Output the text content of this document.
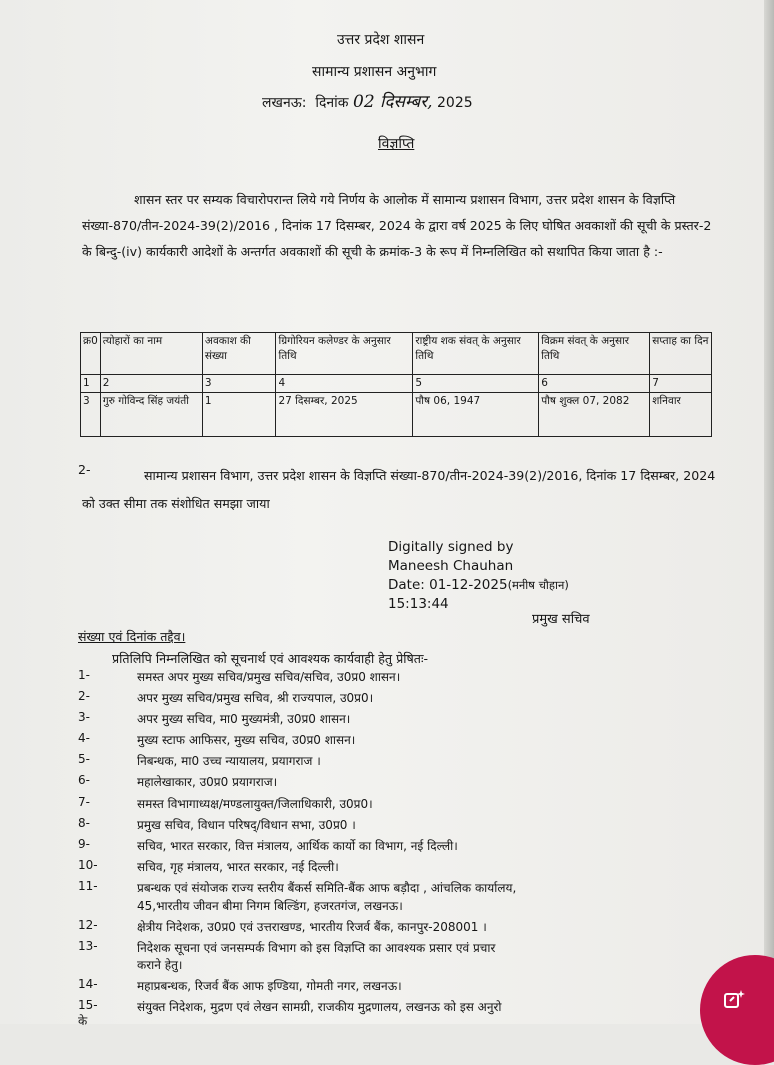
उत्तर प्रदेश शासन
सामान्य प्रशासन अनुभाग
लखनऊ: दिनांक 02 दिसम्बर, 2025
विज्ञप्ति
शासन स्तर पर सम्यक विचारोपरान्त लिये गये निर्णय के आलोक में सामान्य प्रशासन विभाग, उत्तर प्रदेश शासन के विज्ञप्ति संख्या-870/तीन-2024-39(2)/2016 , दिनांक 17 दिसम्बर, 2024 के द्वारा वर्ष 2025 के लिए घोषित अवकाशों की सूची के प्रस्तर-2 के बिन्दु-(iv) कार्यकारी आदेशों के अन्तर्गत अवकाशों की सूची के क्रमांक-3 के रूप में निम्नलिखित को सथापित किया जाता है :-
क्र0	त्योहारों का नाम	अवकाश की संख्या	ग्रिगोरियन कलेण्डर के अनुसार तिथि	राष्ट्रीय शक संवत् के अनुसार तिथि	विक्रम संवत् के अनुसार तिथि	सप्ताह का दिन
1	2	3	4	5	6	7
3	गुरु गोविन्द सिंह जयंती	1	27 दिसम्बर, 2025	पौष 06, 1947	पौष शुक्ल 07, 2082	शनिवार
2-	सामान्य प्रशासन विभाग, उत्तर प्रदेश शासन के विज्ञप्ति संख्या-870/तीन-2024-39(2)/2016, दिनांक 17 दिसम्बर, 2024 को उक्त सीमा तक संशोधित समझा जाया
Digitally signed by
Maneesh Chauhan
Date: 01-12-2025(मनीष चौहान)
15:13:44
प्रमुख सचिव
संख्या एवं दिनांक तद्दैव।
प्रतिलिपि निम्नलिखित को सूचनार्थ एवं आवश्यक कार्यवाही हेतु प्रेषितः-
1-	समस्त अपर मुख्य सचिव/प्रमुख सचिव/सचिव, उ0प्र0 शासन।
2-	अपर मुख्य सचिव/प्रमुख सचिव, श्री राज्यपाल, उ0प्र0।
3-	अपर मुख्य सचिव, मा0 मुख्यमंत्री, उ0प्र0 शासन।
4-	मुख्य स्टाफ आफिसर, मुख्य सचिव, उ0प्र0 शासन।
5-	निबन्धक, मा0 उच्च न्यायालय, प्रयागराज ।
6-	महालेखाकार, उ0प्र0 प्रयागराज।
7-	समस्त विभागाध्यक्ष/मण्डलायुक्त/जिलाधिकारी, उ0प्र0।
8-	प्रमुख सचिव, विधान परिषद्/विधान सभा, उ0प्र0 ।
9-	सचिव, भारत सरकार, वित्त मंत्रालय, आर्थिक कार्यो का विभाग, नई दिल्ली।
10-	सचिव, गृह मंत्रालय, भारत सरकार, नई दिल्ली।
11-	प्रबन्धक एवं संयोजक राज्य स्तरीय बैंकर्स समिति-बैंक आफ बड़ौदा , आंचलिक कार्यालय,
45,भारतीय जीवन बीमा निगम बिल्डिंग, हजरतगंज, लखनऊ।
12-	क्षेत्रीय निदेशक, उ0प्र0 एवं उत्तराखण्ड, भारतीय रिजर्व बैंक, कानपुर-208001 ।
13-	निदेशक सूचना एवं जनसम्पर्क विभाग को इस विज्ञप्ति का आवश्यक प्रसार एवं प्रचार
कराने हेतु।
14-	महाप्रबन्धक, रिजर्व बैंक आफ इण्डिया, गोमती नगर, लखनऊ।
15-	संयुक्त निदेशक, मुद्रण एवं लेखन सामग्री, राजकीय मुद्रणालय, लखनऊ को इस अनुरो
के
